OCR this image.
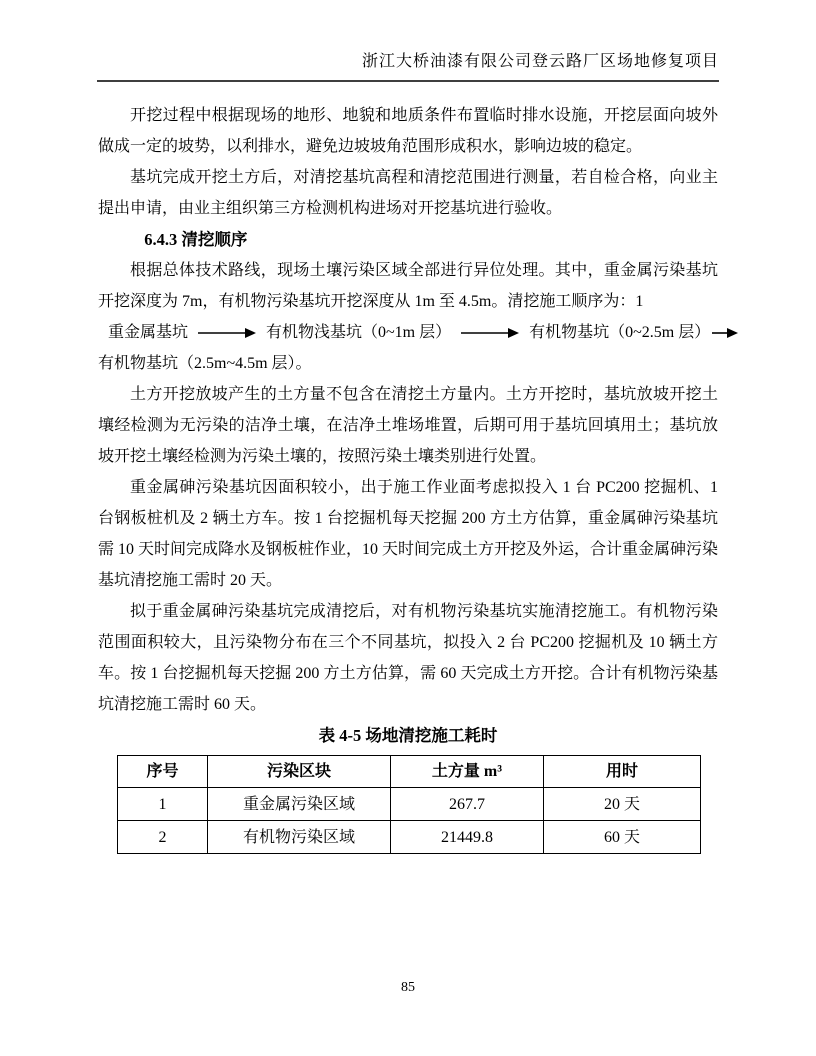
浙江大桥油漆有限公司登云路厂区场地修复项目

开挖过程中根据现场的地形、地貌和地质条件布置临时排水设施，开挖层面向坡外做成一定的坡势，以利排水，避免边坡坡角范围形成积水，影响边坡的稳定。

基坑完成开挖土方后，对清挖基坑高程和清挖范围进行测量，若自检合格，向业主提出申请，由业主组织第三方检测机构进场对开挖基坑进行验收。

6.4.3 清挖顺序

根据总体技术路线，现场土壤污染区域全部进行异位处理。其中，重金属污染基坑开挖深度为 7m，有机物污染基坑开挖深度从 1m 至 4.5m。清挖施工顺序为：1

重金属基坑	有机物浅基坑（0~1m 层）	有机物基坑（0~2.5m 层）
有机物基坑（2.5m~4.5m 层）。

土方开挖放坡产生的土方量不包含在清挖土方量内。土方开挖时，基坑放坡开挖土壤经检测为无污染的洁净土壤，在洁净土堆场堆置，后期可用于基坑回填用土；基坑放坡开挖土壤经检测为污染土壤的，按照污染土壤类别进行处置。

重金属砷污染基坑因面积较小，出于施工作业面考虑拟投入 1 台 PC200 挖掘机、1 台钢板桩机及 2 辆土方车。按 1 台挖掘机每天挖掘 200 方土方估算，重金属砷污染基坑需 10 天时间完成降水及钢板桩作业，10 天时间完成土方开挖及外运，合计重金属砷污染基坑清挖施工需时 20 天。

拟于重金属砷污染基坑完成清挖后，对有机物污染基坑实施清挖施工。有机物污染范围面积较大，且污染物分布在三个不同基坑，拟投入 2 台 PC200 挖掘机及 10 辆土方车。按 1 台挖掘机每天挖掘 200 方土方估算，需 60 天完成土方开挖。合计有机物污染基坑清挖施工需时 60 天。

表 4-5 场地清挖施工耗时
序号	污染区块	土方量 m³	用时
1	重金属污染区域	267.7	20 天
2	有机物污染区域	21449.8	60 天
85
